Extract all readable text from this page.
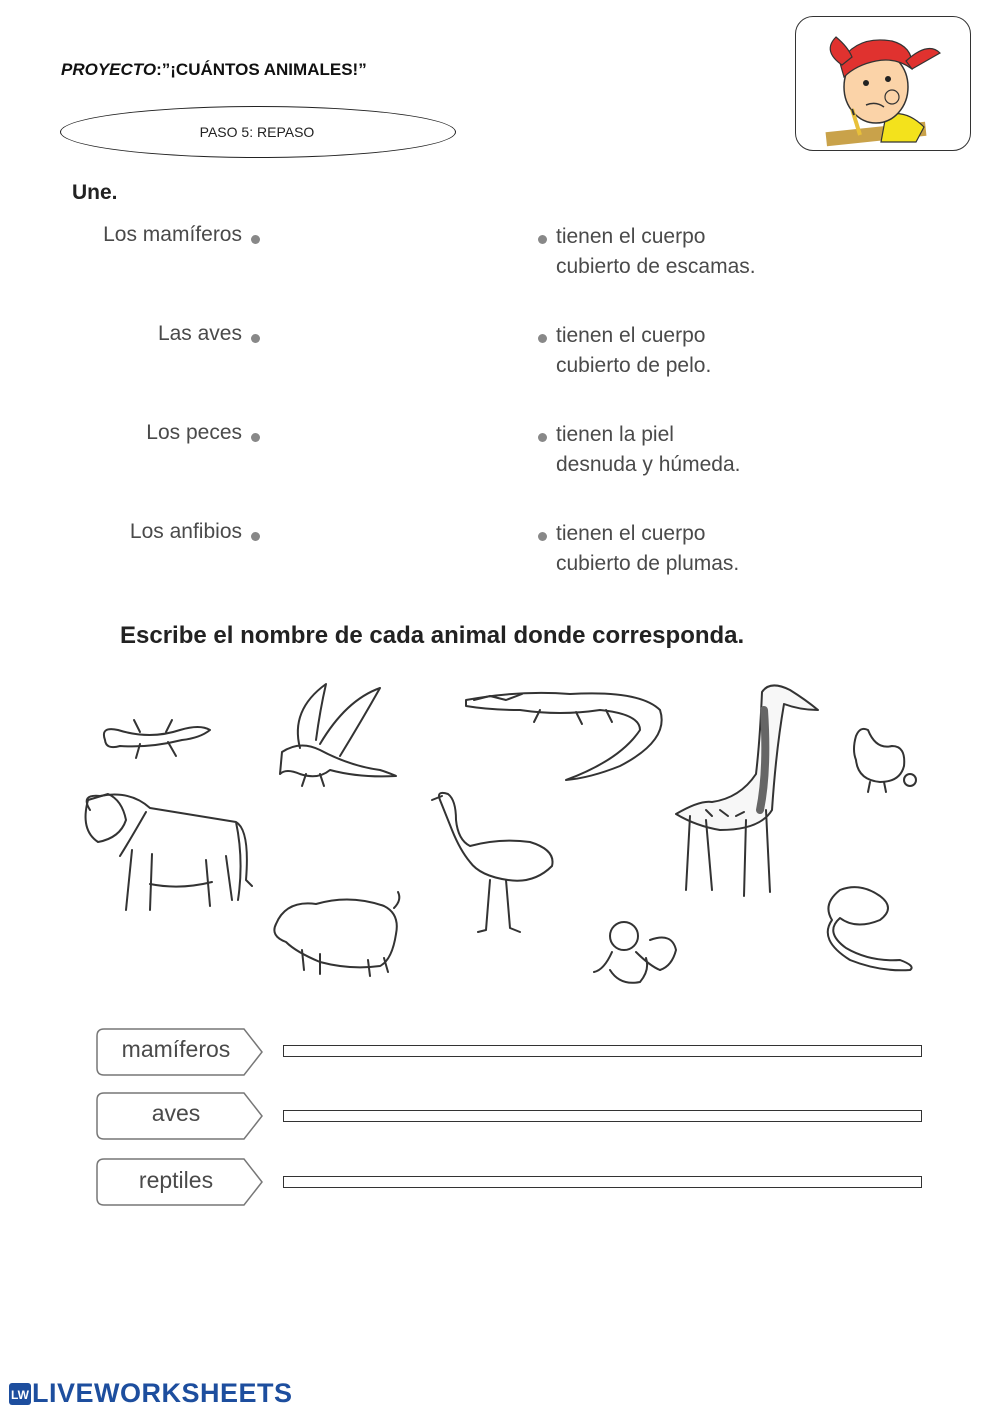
PROYECTO:”¡CUÁNTOS ANIMALES!”
PASO 5: REPASO
Une.
Los mamíferos
Las aves
Los peces
Los anfibios
tienen el cuerpo
cubierto de escamas.
tienen el cuerpo
cubierto de pelo.
tienen la piel
desnuda y húmeda.
tienen el cuerpo
cubierto de plumas.
Escribe el nombre de cada animal donde corresponda.
mamíferos
aves
reptiles
LW LIVEWORKSHEETS
